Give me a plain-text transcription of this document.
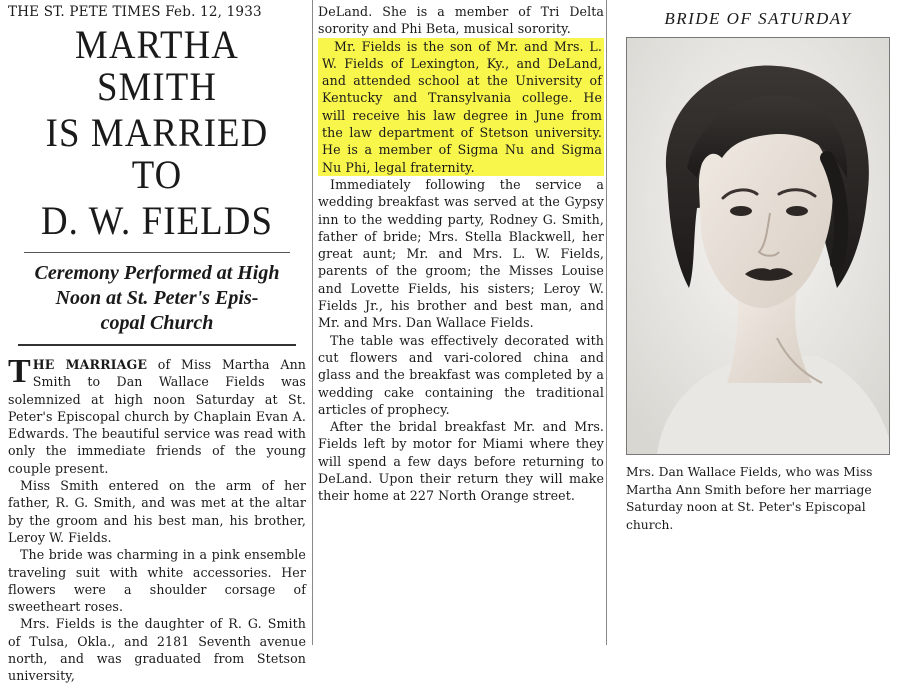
THE ST. PETE TIMES Feb. 12, 1933
MARTHA SMITH
IS MARRIED TO
D. W. FIELDS
Ceremony Performed at High
Noon at St. Peter's Epis-
copal Church

THE MARRIAGE of Miss Martha Ann Smith to Dan Wallace Fields was solemnized at high noon Saturday at St. Peter's Episcopal church by Chaplain Evan A. Edwards. The beautiful service was read with only the immediate friends of the young couple present.

Miss Smith entered on the arm of her father, R. G. Smith, and was met at the altar by the groom and his best man, his brother, Leroy W. Fields.

The bride was charming in a pink ensemble traveling suit with white accessories. Her flowers were a shoulder corsage of sweetheart roses.

Mrs. Fields is the daughter of R. G. Smith of Tulsa, Okla., and 2181 Seventh avenue north, and was graduated from Stetson university,

DeLand. She is a member of Tri Delta sorority and Phi Beta, musical sorority.

Mr. Fields is the son of Mr. and Mrs. L. W. Fields of Lexington, Ky., and DeLand, and attended school at the University of Kentucky and Transylvania college. He will receive his law degree in June from the law department of Stetson university. He is a member of Sigma Nu and Sigma Nu Phi, legal fraternity.

Immediately following the service a wedding breakfast was served at the Gypsy inn to the wedding party, Rodney G. Smith, father of bride; Mrs. Stella Blackwell, her great aunt; Mr. and Mrs. L. W. Fields, parents of the groom; the Misses Louise and Lovette Fields, his sisters; Leroy W. Fields Jr., his brother and best man, and Mr. and Mrs. Dan Wallace Fields.

The table was effectively decorated with cut flowers and vari-colored china and glass and the breakfast was completed by a wedding cake containing the traditional articles of prophecy.

After the bridal breakfast Mr. and Mrs. Fields left by motor for Miami where they will spend a few days before returning to DeLand. Upon their return they will make their home at 227 North Orange street.

BRIDE OF SATURDAY
Mrs. Dan Wallace Fields, who was Miss Martha Ann Smith before her marriage Saturday noon at St. Peter's Episcopal church.
